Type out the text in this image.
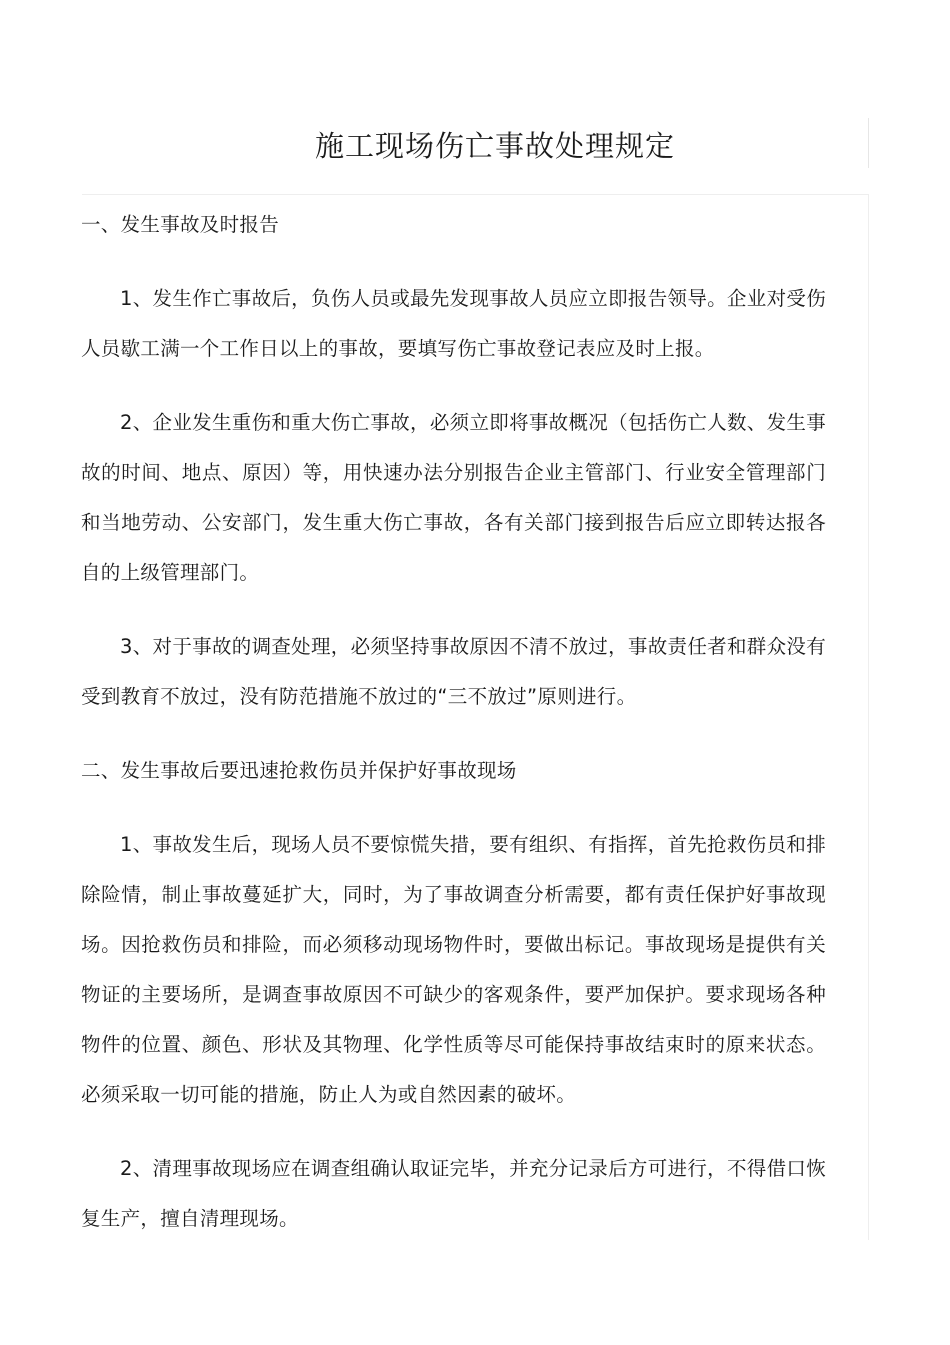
施工现场伤亡事故处理规定

一、发生事故及时报告

1、发生作亡事故后，负伤人员或最先发现事故人员应立即报告领导。企业对受伤人员歇工满一个工作日以上的事故，要填写伤亡事故登记表应及时上报。

2、企业发生重伤和重大伤亡事故，必须立即将事故概况（包括伤亡人数、发生事故的时间、地点、原因）等，用快速办法分别报告企业主管部门、行业安全管理部门和当地劳动、公安部门，发生重大伤亡事故，各有关部门接到报告后应立即转达报各自的上级管理部门。

3、对于事故的调查处理，必须坚持事故原因不清不放过，事故责任者和群众没有受到教育不放过，没有防范措施不放过的“三不放过”原则进行。

二、发生事故后要迅速抢救伤员并保护好事故现场

1、事故发生后，现场人员不要惊慌失措，要有组织、有指挥，首先抢救伤员和排除险情，制止事故蔓延扩大，同时，为了事故调查分析需要，都有责任保护好事故现场。因抢救伤员和排险，而必须移动现场物件时，要做出标记。事故现场是提供有关物证的主要场所，是调查事故原因不可缺少的客观条件，要严加保护。要求现场各种物件的位置、颜色、形状及其物理、化学性质等尽可能保持事故结束时的原来状态。必须采取一切可能的措施，防止人为或自然因素的破坏。

2、清理事故现场应在调查组确认取证完毕，并充分记录后方可进行，不得借口恢复生产，擅自清理现场。
